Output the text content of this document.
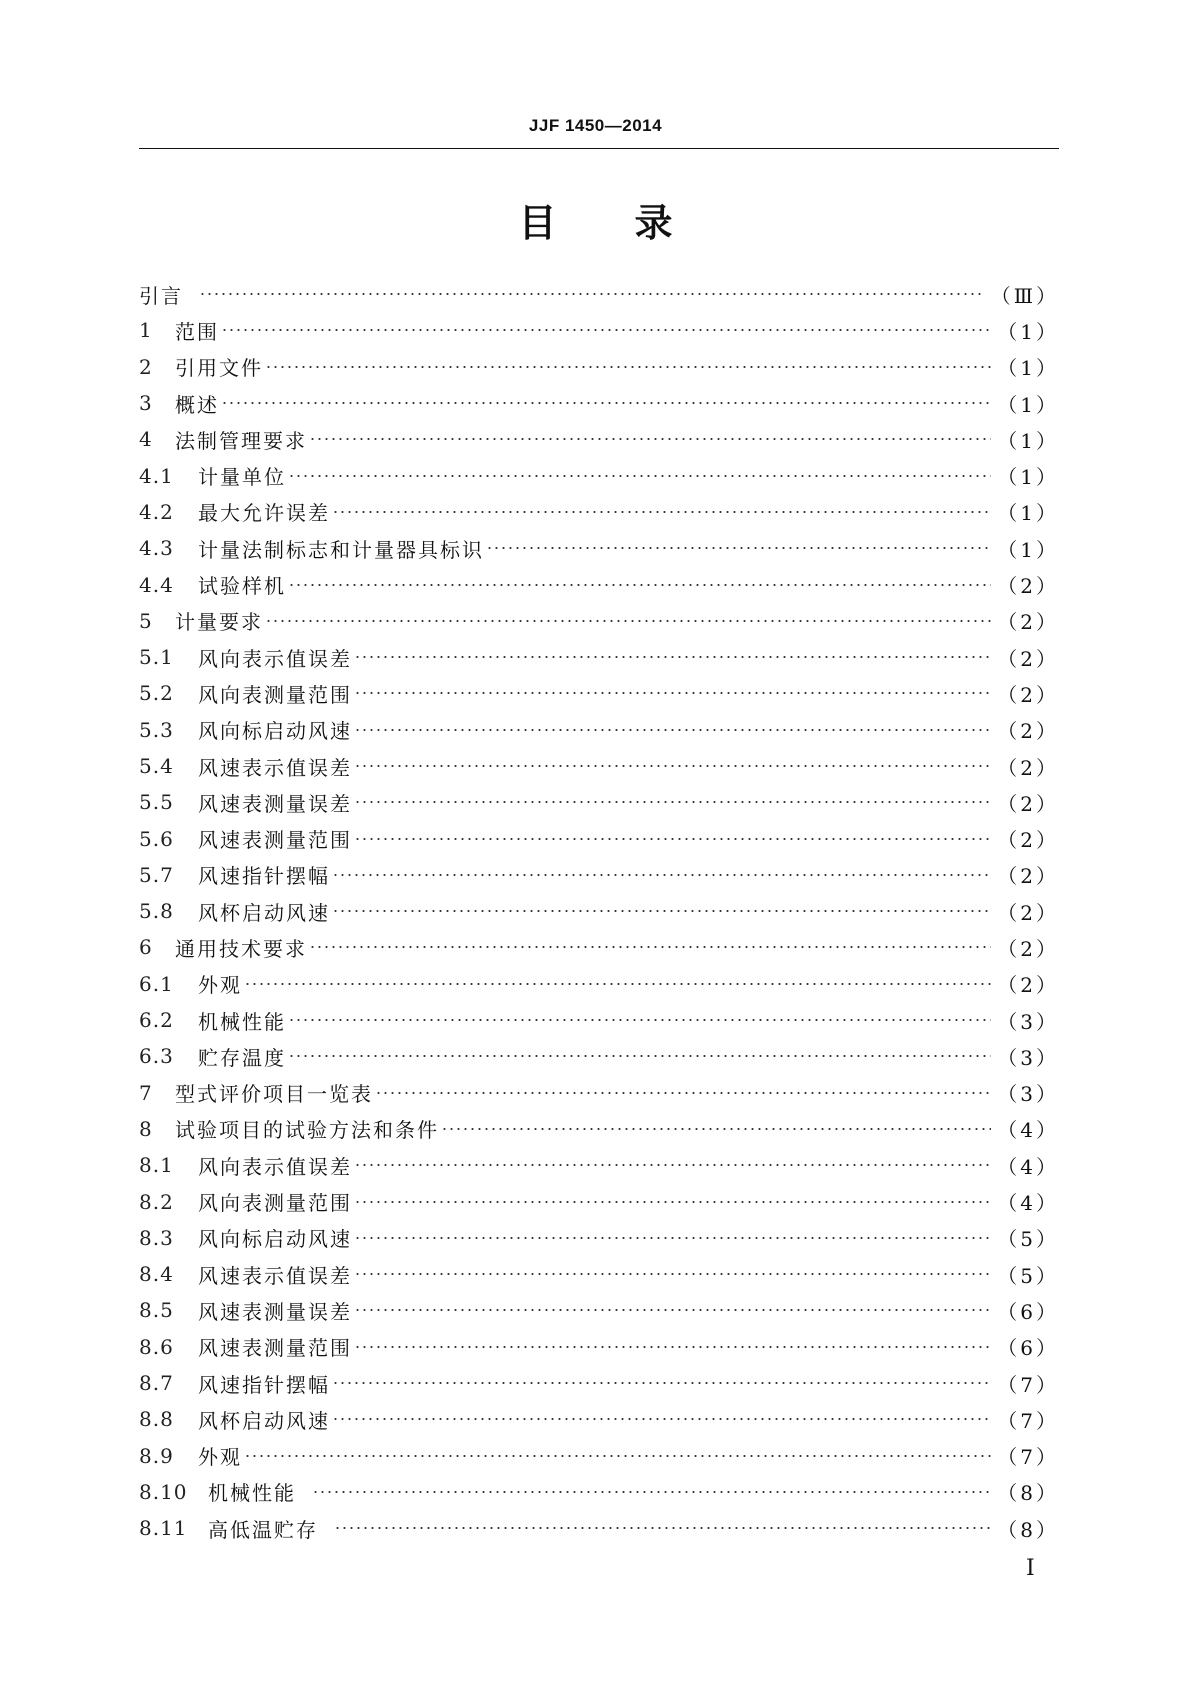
JJF 1450—2014
目 录
引言	（Ⅲ）
1	范围	（1）
2	引用文件	（1）
3	概述	（1）
4	法制管理要求	（1）
4.1	计量单位	（1）
4.2	最大允许误差	（1）
4.3	计量法制标志和计量器具标识	（1）
4.4	试验样机	（2）
5	计量要求	（2）
5.1	风向表示值误差	（2）
5.2	风向表测量范围	（2）
5.3	风向标启动风速	（2）
5.4	风速表示值误差	（2）
5.5	风速表测量误差	（2）
5.6	风速表测量范围	（2）
5.7	风速指针摆幅	（2）
5.8	风杯启动风速	（2）
6	通用技术要求	（2）
6.1	外观	（2）
6.2	机械性能	（3）
6.3	贮存温度	（3）
7	型式评价项目一览表	（3）
8	试验项目的试验方法和条件	（4）
8.1	风向表示值误差	（4）
8.2	风向表测量范围	（4）
8.3	风向标启动风速	（5）
8.4	风速表示值误差	（5）
8.5	风速表测量误差	（6）
8.6	风速表测量范围	（6）
8.7	风速指针摆幅	（7）
8.8	风杯启动风速	（7）
8.9	外观	（7）
8.10	机械性能	（8）
8.11	高低温贮存	（8）
Ⅰ
